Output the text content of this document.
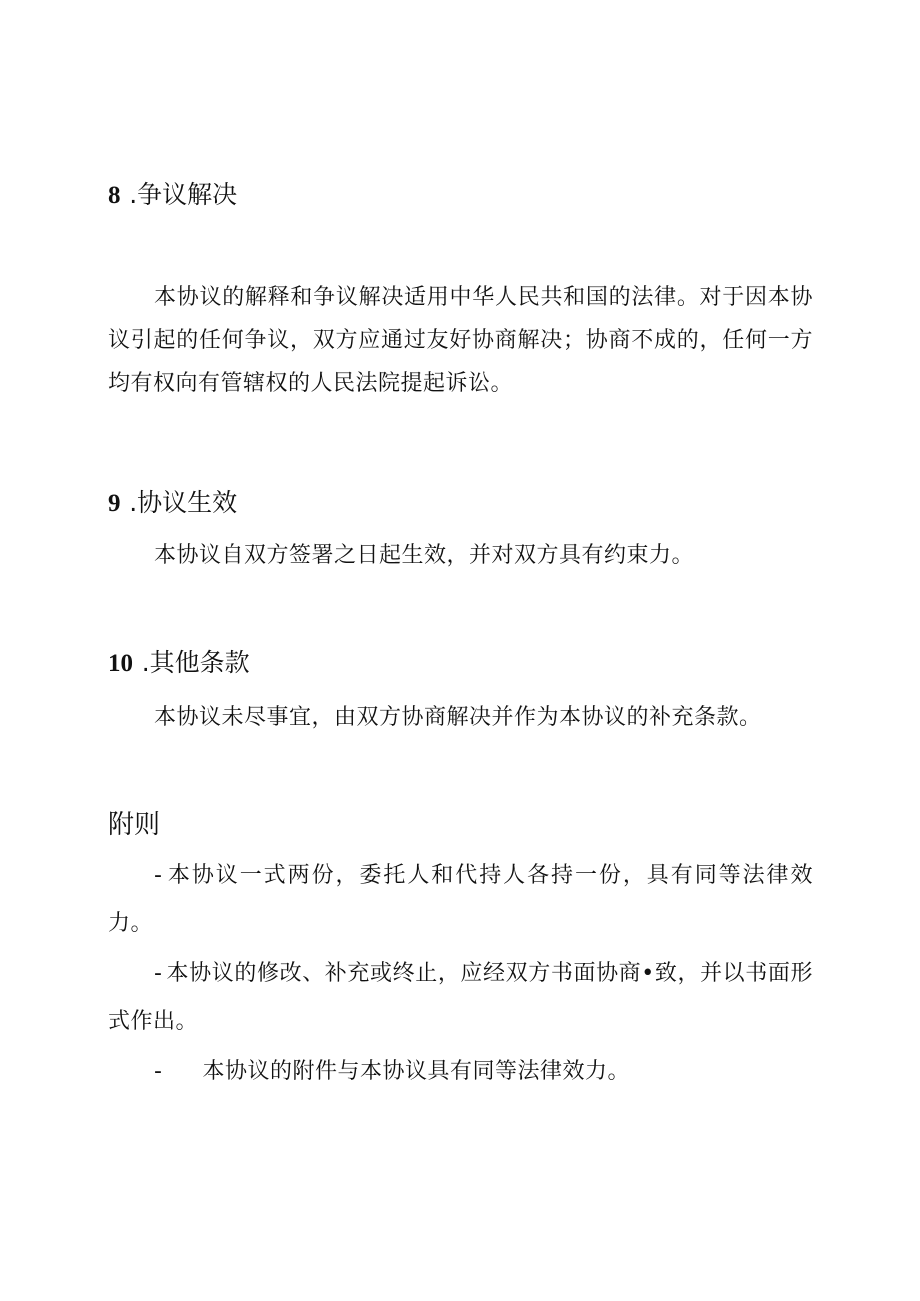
8 .争议解决

本协议的解释和争议解决适用中华人民共和国的法律。对于因本协议引起的任何争议，双方应通过友好协商解决；协商不成的，任何一方均有权向有管辖权的人民法院提起诉讼。

9 .协议生效

本协议自双方签署之日起生效，并对双方具有约束力。

10 .其他条款

本协议未尽事宜，由双方协商解决并作为本协议的补充条款。

附则

- 本协议一式两份，委托人和代持人各持一份，具有同等法律效力。

- 本协议的修改、补充或终止，应经双方书面协商•致，并以书面形式作出。

- 本协议的附件与本协议具有同等法律效力。
